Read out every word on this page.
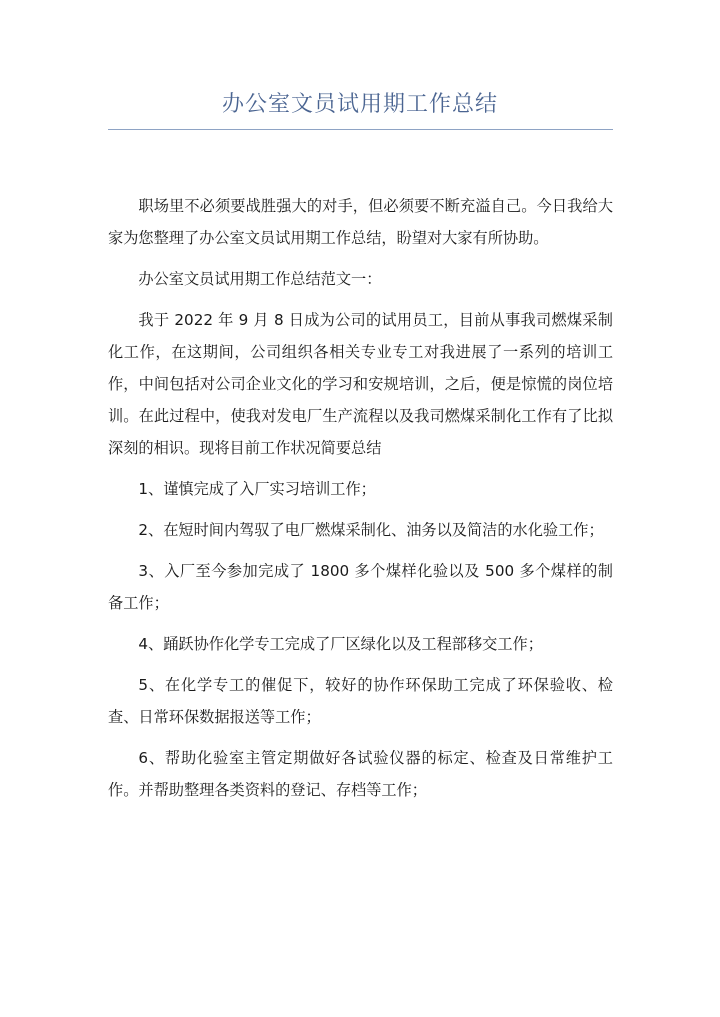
办公室文员试用期工作总结

职场里不必须要战胜强大的对手，但必须要不断充溢自己。今日我给大家为您整理了办公室文员试用期工作总结，盼望对大家有所协助。

办公室文员试用期工作总结范文一：

我于 2022 年 9 月 8 日成为公司的试用员工，目前从事我司燃煤采制化工作，在这期间，公司组织各相关专业专工对我进展了一系列的培训工作，中间包括对公司企业文化的学习和安规培训，之后，便是惊慌的岗位培训。在此过程中，使我对发电厂生产流程以及我司燃煤采制化工作有了比拟深刻的相识。现将目前工作状况简要总结

1、谨慎完成了入厂实习培训工作；

2、在短时间内驾驭了电厂燃煤采制化、油务以及简洁的水化验工作；

3、入厂至今参加完成了 1800 多个煤样化验以及 500 多个煤样的制备工作；

4、踊跃协作化学专工完成了厂区绿化以及工程部移交工作；

5、在化学专工的催促下，较好的协作环保助工完成了环保验收、检查、日常环保数据报送等工作；

6、帮助化验室主管定期做好各试验仪器的标定、检查及日常维护工作。并帮助整理各类资料的登记、存档等工作；
